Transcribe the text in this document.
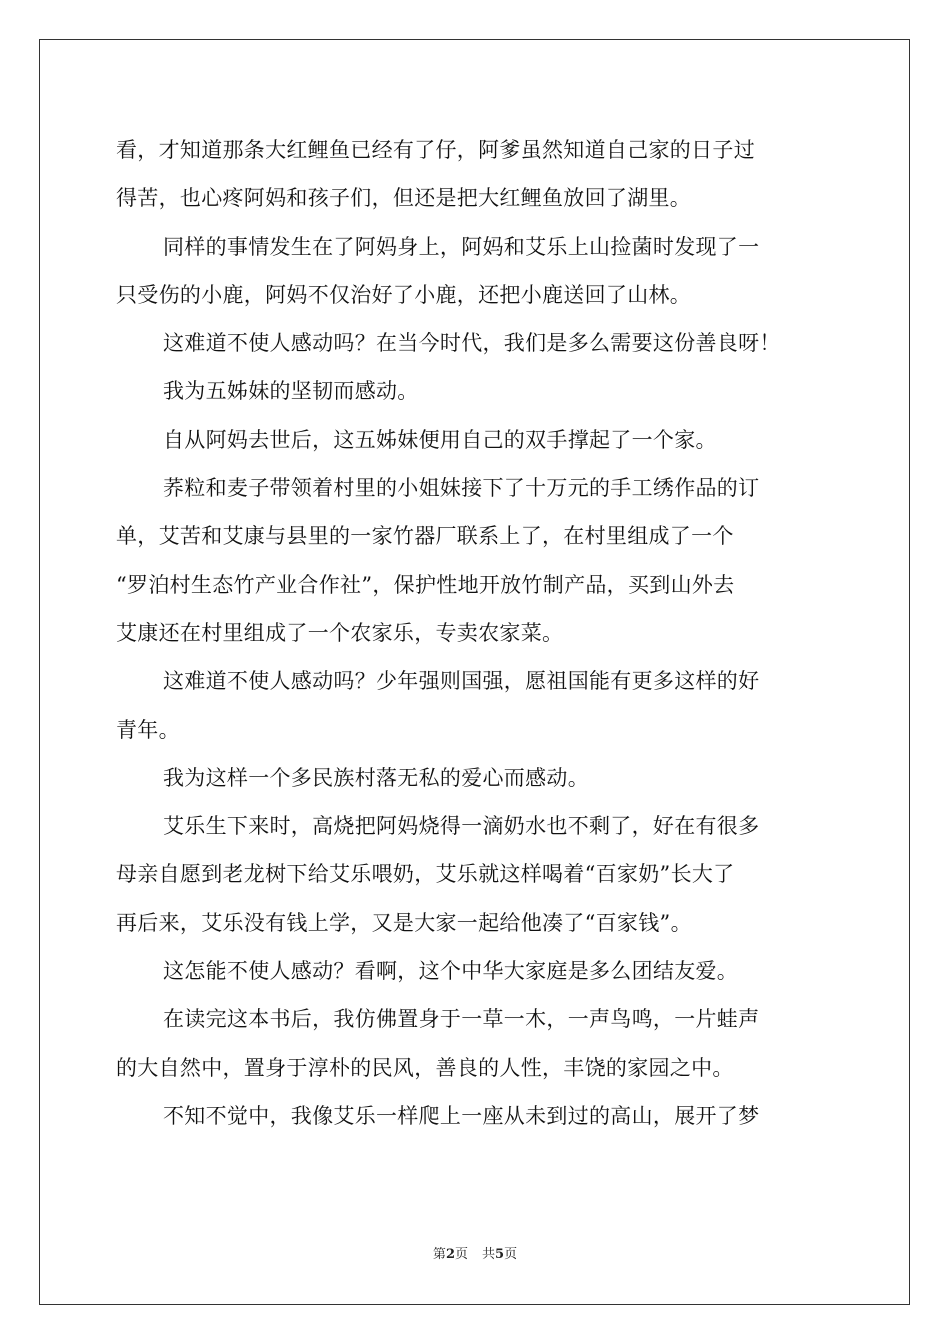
看，才知道那条大红鲤鱼已经有了仔，阿爹虽然知道自己家的日子过
得苦，也心疼阿妈和孩子们，但还是把大红鲤鱼放回了湖里。
同样的事情发生在了阿妈身上，阿妈和艾乐上山捡菌时发现了一
只受伤的小鹿，阿妈不仅治好了小鹿，还把小鹿送回了山林。
这难道不使人感动吗？在当今时代，我们是多么需要这份善良呀！
我为五姊妹的坚韧而感动。
自从阿妈去世后，这五姊妹便用自己的双手撑起了一个家。
荞粒和麦子带领着村里的小姐妹接下了十万元的手工绣作品的订
单，艾苦和艾康与县里的一家竹器厂联系上了，在村里组成了一个
“罗泊村生态竹产业合作社”，保护性地开放竹制产品，买到山外去
艾康还在村里组成了一个农家乐，专卖农家菜。
这难道不使人感动吗？少年强则国强，愿祖国能有更多这样的好
青年。
我为这样一个多民族村落无私的爱心而感动。
艾乐生下来时，高烧把阿妈烧得一滴奶水也不剩了，好在有很多
母亲自愿到老龙树下给艾乐喂奶，艾乐就这样喝着“百家奶”长大了
再后来，艾乐没有钱上学，又是大家一起给他凑了“百家钱”。
这怎能不使人感动？看啊，这个中华大家庭是多么团结友爱。
在读完这本书后，我仿佛置身于一草一木，一声鸟鸣，一片蛙声
的大自然中，置身于淳朴的民风，善良的人性，丰饶的家园之中。
不知不觉中，我像艾乐一样爬上一座从未到过的高山，展开了梦
第2页 共5页
